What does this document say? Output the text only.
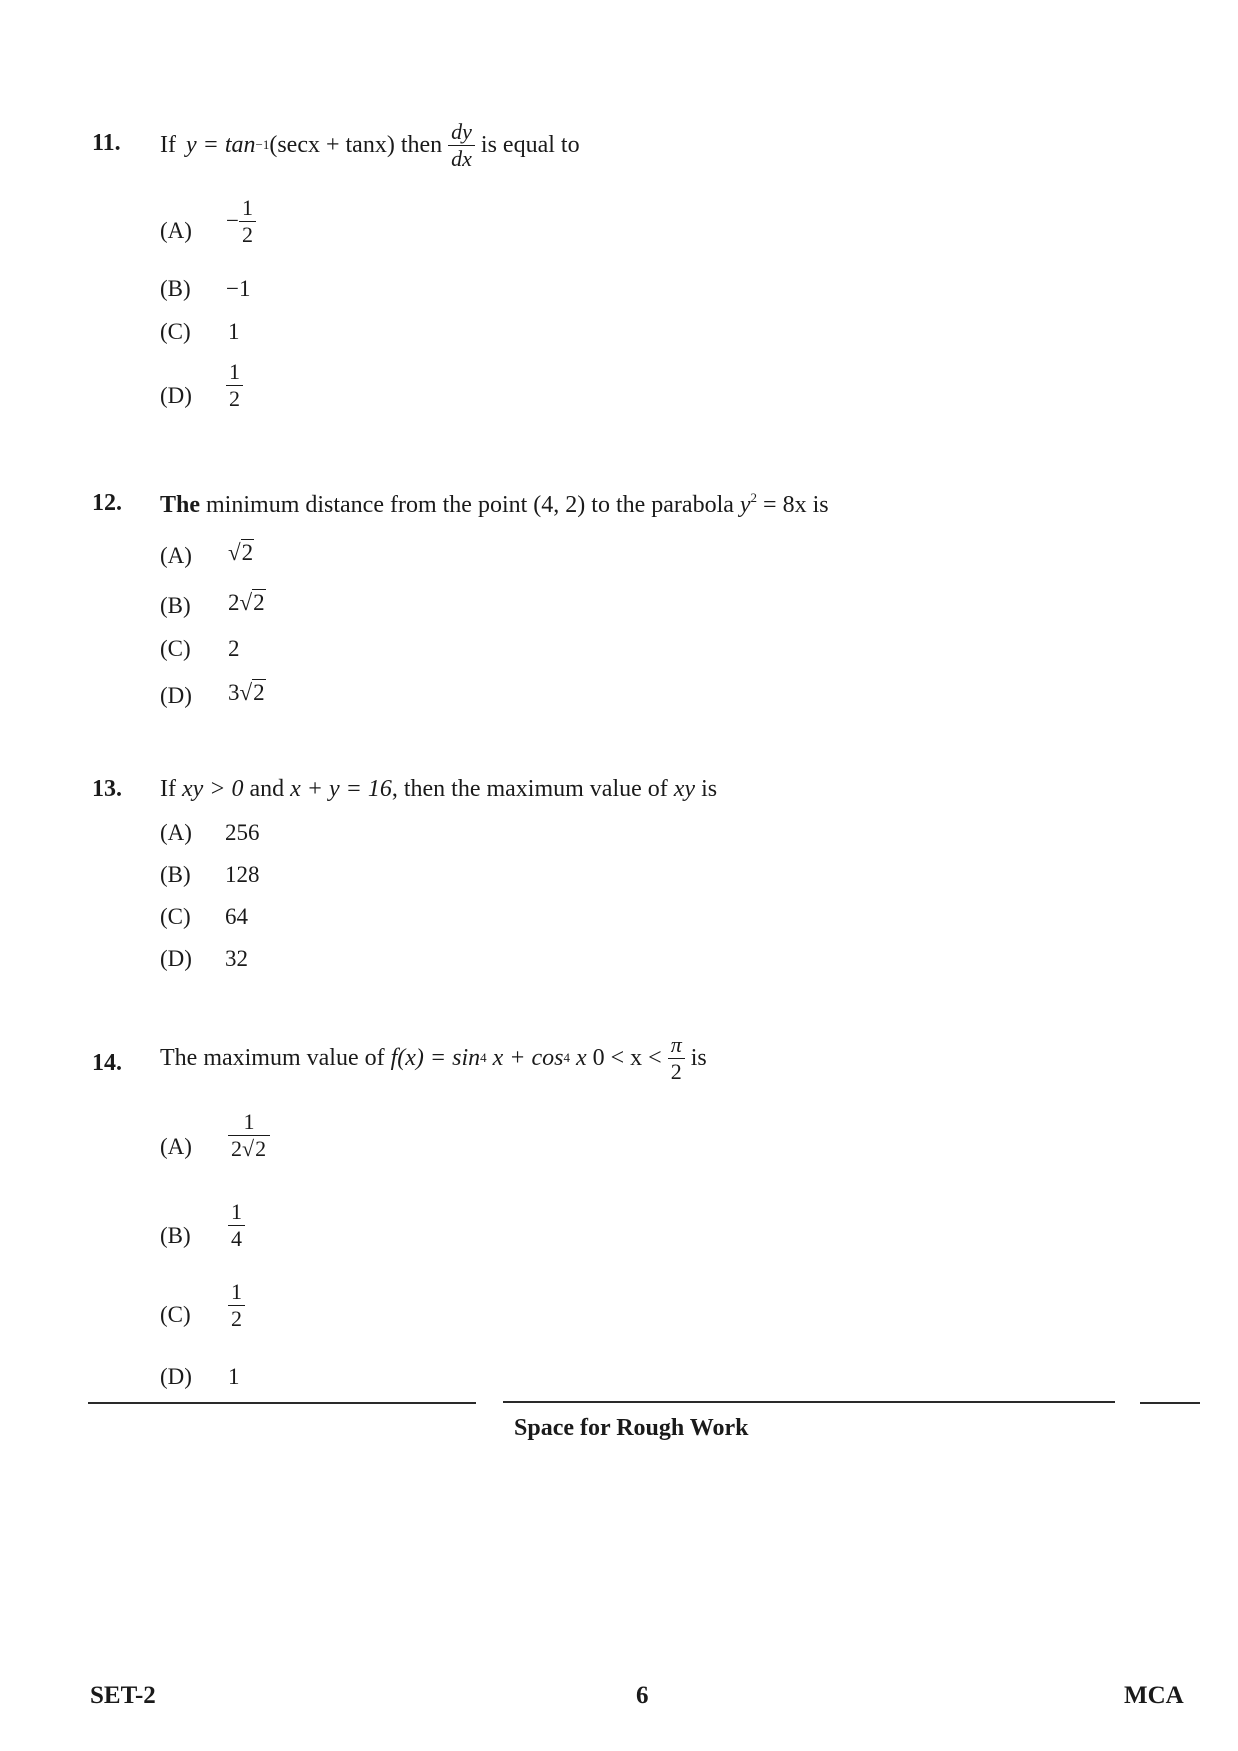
11. If y = tan −1 (secx + tanx) then $\frac{dy}{dx}$ is equal to
$(A) - \frac{1}{2}$
(B) −1
(C) 1
$(D) \frac{1}{2}$
12. The minimum distance from the point (4, 2) to the parabola $y^2 = 8x$ is
(A) √2
(B) 2√2
(C) 2
(D) 3√2
13. If xy > 0 and x + y = 16, then the maximum value of xy is
(A) 256
(B) 128
(C) 64
(D) 32
14. The maximum value of f(x) = sin 4 x + cos 4 x $0 < x < \frac{\pi}{2}$ is
$(A) \frac{1}{2√2}$
$(B) \frac{1}{4}$
$(C) \frac{1}{2}$
(D) 1
Space for Rough Work
SET-2	6	MCA
